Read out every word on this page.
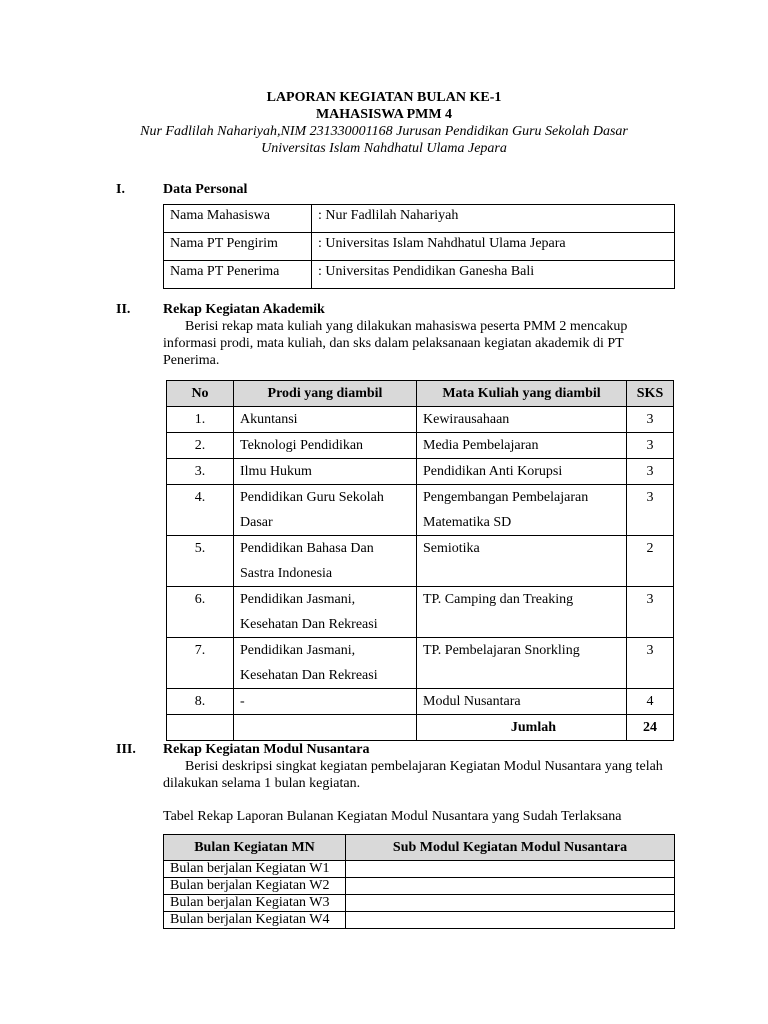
LAPORAN KEGIATAN BULAN KE-1
MAHASISWA PMM 4
Nur Fadlilah Nahariyah,NIM 231330001168 Jurusan Pendidikan Guru Sekolah Dasar
Universitas Islam Nahdhatul Ulama Jepara
I.	Data Personal
Nama Mahasiswa	: Nur Fadlilah Nahariyah
Nama PT Pengirim	: Universitas Islam Nahdhatul Ulama Jepara
Nama PT Penerima	: Universitas Pendidikan Ganesha Bali
II. Rekap Kegiatan Akademik

Berisi rekap mata kuliah yang dilakukan mahasiswa peserta PMM 2 mencakup informasi prodi, mata kuliah, dan sks dalam pelaksanaan kegiatan akademik di PT Penerima.

No	Prodi yang diambil	Mata Kuliah yang diambil	SKS
1.	Akuntansi	Kewirausahaan	3
2.	Teknologi Pendidikan	Media Pembelajaran	3
3.	Ilmu Hukum	Pendidikan Anti Korupsi	3
4.	Pendidikan Guru Sekolah Dasar	Pengembangan Pembelajaran Matematika SD	3
5.	Pendidikan Bahasa Dan Sastra Indonesia	Semiotika	2
6.	Pendidikan Jasmani, Kesehatan Dan Rekreasi	TP. Camping dan Treaking	3
7.	Pendidikan Jasmani, Kesehatan Dan Rekreasi	TP. Pembelajaran Snorkling	3
8.	-	Modul Nusantara	4
		Jumlah	24
III. Rekap Kegiatan Modul Nusantara

Berisi deskripsi singkat kegiatan pembelajaran Kegiatan Modul Nusantara yang telah dilakukan selama 1 bulan kegiatan.

Tabel Rekap Laporan Bulanan Kegiatan Modul Nusantara yang Sudah Terlaksana

Bulan Kegiatan MN	Sub Modul Kegiatan Modul Nusantara
Bulan berjalan Kegiatan W1	
Bulan berjalan Kegiatan W2	
Bulan berjalan Kegiatan W3	
Bulan berjalan Kegiatan W4	
